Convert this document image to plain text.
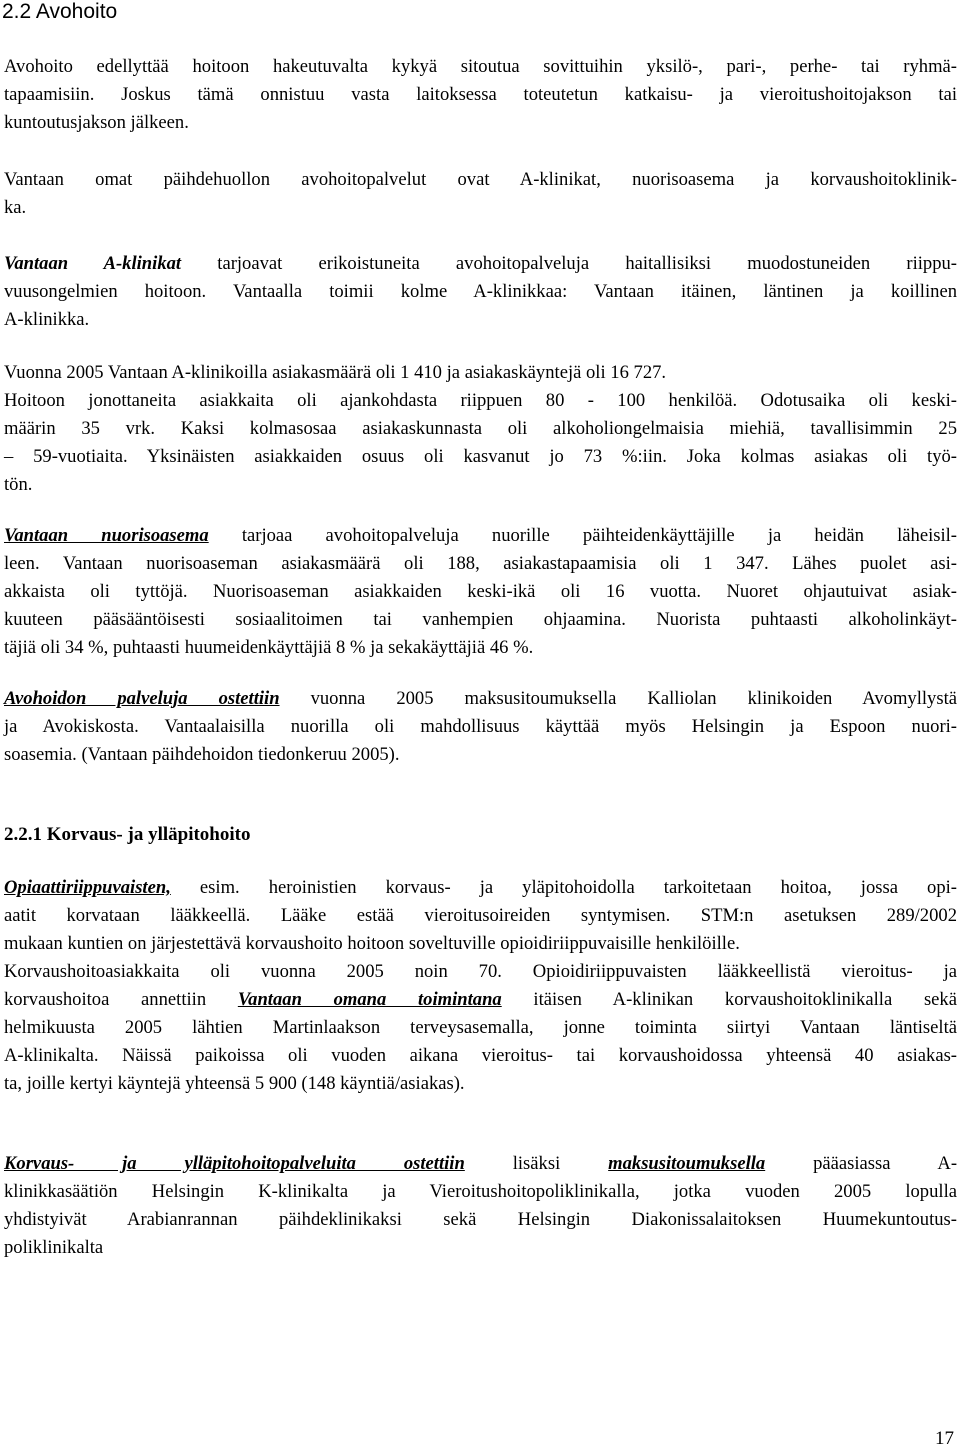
2.2 Avohoito

Avohoito edellyttää hoitoon hakeutuvalta kykyä sitoutua sovittuihin yksilö-, pari-, perhe- tai ryhmä-
tapaamisiin. Joskus tämä onnistuu vasta laitoksessa toteutetun katkaisu- ja vieroitushoitojakson tai
kuntoutusjakson jälkeen.

Vantaan omat päihdehuollon avohoitopalvelut ovat A-klinikat, nuorisoasema ja korvaushoitoklinik-
ka.

Vantaan A-klinikat tarjoavat erikoistuneita avohoitopalveluja haitallisiksi muodostuneiden riippu-
vuusongelmien hoitoon. Vantaalla toimii kolme A-klinikkaa: Vantaan itäinen, läntinen ja koillinen
A-klinikka.

Vuonna 2005 Vantaan A-klinikoilla asiakasmäärä oli 1 410 ja asiakaskäyntejä oli 16 727.
Hoitoon jonottaneita asiakkaita oli ajankohdasta riippuen 80 - 100 henkilöä. Odotusaika oli keski-
määrin 35 vrk. Kaksi kolmasosaa asiakaskunnasta oli alkoholiongelmaisia miehiä, tavallisimmin 25
– 59-vuotiaita. Yksinäisten asiakkaiden osuus oli kasvanut jo 73 %:iin. Joka kolmas asiakas oli työ-
tön.

Vantaan nuorisoasema tarjoaa avohoitopalveluja nuorille päihteidenkäyttäjille ja heidän läheisil-
leen. Vantaan nuorisoaseman asiakasmäärä oli 188, asiakastapaamisia oli 1 347. Lähes puolet asi-
akkaista oli tyttöjä. Nuorisoaseman asiakkaiden keski-ikä oli 16 vuotta. Nuoret ohjautuivat asiak-
kuuteen pääsääntöisesti sosiaalitoimen tai vanhempien ohjaamina. Nuorista puhtaasti alkoholinkäyt-
täjiä oli 34 %, puhtaasti huumeidenkäyttäjiä 8 % ja sekakäyttäjiä 46 %.

Avohoidon palveluja ostettiin vuonna 2005 maksusitoumuksella Kalliolan klinikoiden Avomyllystä
ja Avokiskosta. Vantaalaisilla nuorilla oli mahdollisuus käyttää myös Helsingin ja Espoon nuori-
soasemia. (Vantaan päihdehoidon tiedonkeruu 2005).

2.2.1 Korvaus- ja ylläpitohoito

Opiaattiriippuvaisten, esim. heroinistien korvaus- ja yläpitohoidolla tarkoitetaan hoitoa, jossa opi-
aatit korvataan lääkkeellä. Lääke estää vieroitusoireiden syntymisen. STM:n asetuksen 289/2002
mukaan kuntien on järjestettävä korvaushoito hoitoon soveltuville opioidiriippuvaisille henkilöille.

Korvaushoitoasiakkaita oli vuonna 2005 noin 70. Opioidiriippuvaisten lääkkeellistä vieroitus- ja
korvaushoitoa annettiin Vantaan omana toimintana itäisen A-klinikan korvaushoitoklinikalla sekä
helmikuusta 2005 lähtien Martinlaakson terveysasemalla, jonne toiminta siirtyi Vantaan läntiseltä
A-klinikalta. Näissä paikoissa oli vuoden aikana vieroitus- tai korvaushoidossa yhteensä 40 asiakas-
ta, joille kertyi käyntejä yhteensä 5 900 (148 käyntiä/asiakas).

Korvaus- ja ylläpitohoitopalveluita ostettiin lisäksi maksusitoumuksella pääasiassa A-
klinikkasäätiön Helsingin K-klinikalta ja Vieroitushoitopoliklinikalla, jotka vuoden 2005 lopulla
yhdistyivät Arabianrannan päihdeklinikaksi sekä Helsingin Diakonissalaitoksen Huumekuntoutus-
poliklinikalta

17
